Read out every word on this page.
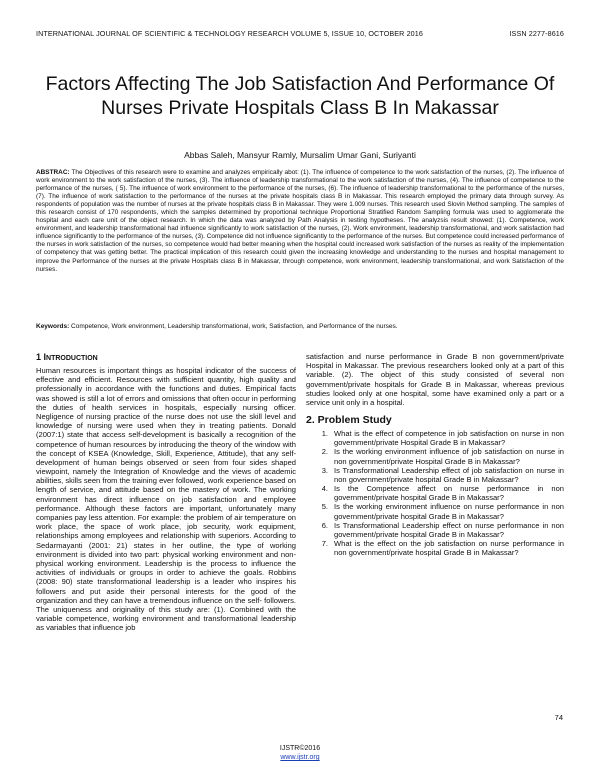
INTERNATIONAL JOURNAL OF SCIENTIFIC & TECHNOLOGY RESEARCH VOLUME 5, ISSUE 10, OCTOBER 2016	ISSN 2277-8616
Factors Affecting The Job Satisfaction And Performance Of Nurses Private Hospitals Class B In Makassar
Abbas Saleh, Mansyur Ramly, Mursalim Umar Gani, Suriyanti
ABSTRAC: The Objectives of this research were to examine and analyzes empirically abot: (1). The influence of competence to the work satisfaction of the nurses, (2). The influence of work environment to the work satisfaction of the nurses, (3). The influence of leadership transformational to the work satisfaction of the nurses, (4). The influence of competence to the performance of the nurses, ( 5). The influence of work environment to the performance of the nurses, (6). The influence of leadership transformational to the performance of the nurses, (7). The influence of work satisfaction to the performance of the nurses at the private hospitals class B in Makassar. This research employed the primary data through survey. As respondents of population was the number of nurses at the private hospitals class B in Makassar. They were 1.009 nurses. This research used Slovin Method sampling. The samples of this research consist of 170 respondents, which the samples determined by proportional technique Proportional Stratified Random Sampling formula was used to agglomerate the hospital and each care unit of the object research. In which the data was analyzed by Path Analysis in testing hypotheses. The analyzsis result showed: (1). Competence, work environment, and leadership transformational had influence significantly to work satisfaction of the nurses, (2). Work environment, leadership transformational, and work satisfaction had influence significantly to the performance of the nurses, (3). Competence did not influence significantly to the performance of the nurses. But competence could increased performance of the nurses in work satisfaction of the nurses, so competence would had better meaning when the hospital could increased work satisfaction of the nurses as reality of the implementation of competency that was getting better. The practical implication of this research could given the increasing knowledge and understanding to the nurses and hospital management to improve the Performance of the nurses at the private Hospitals class B in Makassar, through competence, work environment, leadership transformational, and work Satisfaction of the nurses.
Keywords: Competence, Work environment, Leadership transformational, work, Satisfaction, and Performance of the nurses.
1 INTRODUCTION

Human resources is important things as hospital indicator of the success of effective and efficient. Resources with sufficient quantity, high quality and professionally in accordance with the functions and duties. Empirical facts was showed is still a lot of errors and omissions that often occur in performing the duties of health services in hospitals, especially nursing officer. Negligence of nursing practice of the nurse does not use the skill level and knowledge of nursing were used when they in treating patients. Donald (2007:1) state that access self-development is basically a recognition of the competence of human resources by introducing the theory of the window with the concept of KSEA (Knowledge, Skill, Experience, Attitude), that any self-development of human beings observed or seen from four sides shaped viewpoint, namely the Integration of Knowledge and the views of academic abilities, skills seen from the training ever followed, work experience based on length of service, and attitude based on the mastery of work. The working environment has direct influence on job satisfaction and employee performance. Although these factors are important, unfortunately many companies pay less attention. For example: the problem of air temperature on work place, the space of work place, job security, work equipment, relationships among employees and relationship with superiors. According to Sedarmayanti (2001: 21) states in her outline, the type of working environment is divided into two part: physical working environment and non-physical working environment. Leadership is the process to influence the activities of individuals or groups in order to achieve the goals. Robbins (2008: 90) state transformational leadership is a leader who inspires his followers and put aside their personal interests for the good of the organization and they can have a tremendous influence on the self- followers. The uniqueness and originality of this study are: (1). Combined with the variable competence, working environment and transformational leadership as variables that influence job

satisfaction and nurse performance in Grade B non government/private Hospital in Makassar. The previous researchers looked only at a part of this variable. (2). The object of this study consisted of several non government/private hospitals for Grade B in Makassar, whereas previous studies looked only at one hospital, some have examined only a part or a service unit only in a hospital.

2. Problem Study
1. What is the effect of competence in job satisfaction on nurse in non government/private Hospital Grade B in Makassar?
2. Is the working environment influence of job satisfaction on nurse in non government/private Hospital Grade B in Makassar?
3. Is Transformational Leadership effect of job satisfaction on nurse in non government/private hospital Grade B in Makassar?
4. Is the Competence affect on nurse performance in non government/private hospital Grade B in Makassar?
5. Is the working environment influence on nurse performance in non government/private hospital Grade B in Makassar?
6. Is Transformational Leadership effect on nurse performance in non government/private hospital Grade B in Makassar?
7. What is the effect on the job satisfaction on nurse performance in non government/private hospital Grade B in Makassar?
74
IJSTR©2016
www.ijstr.org
